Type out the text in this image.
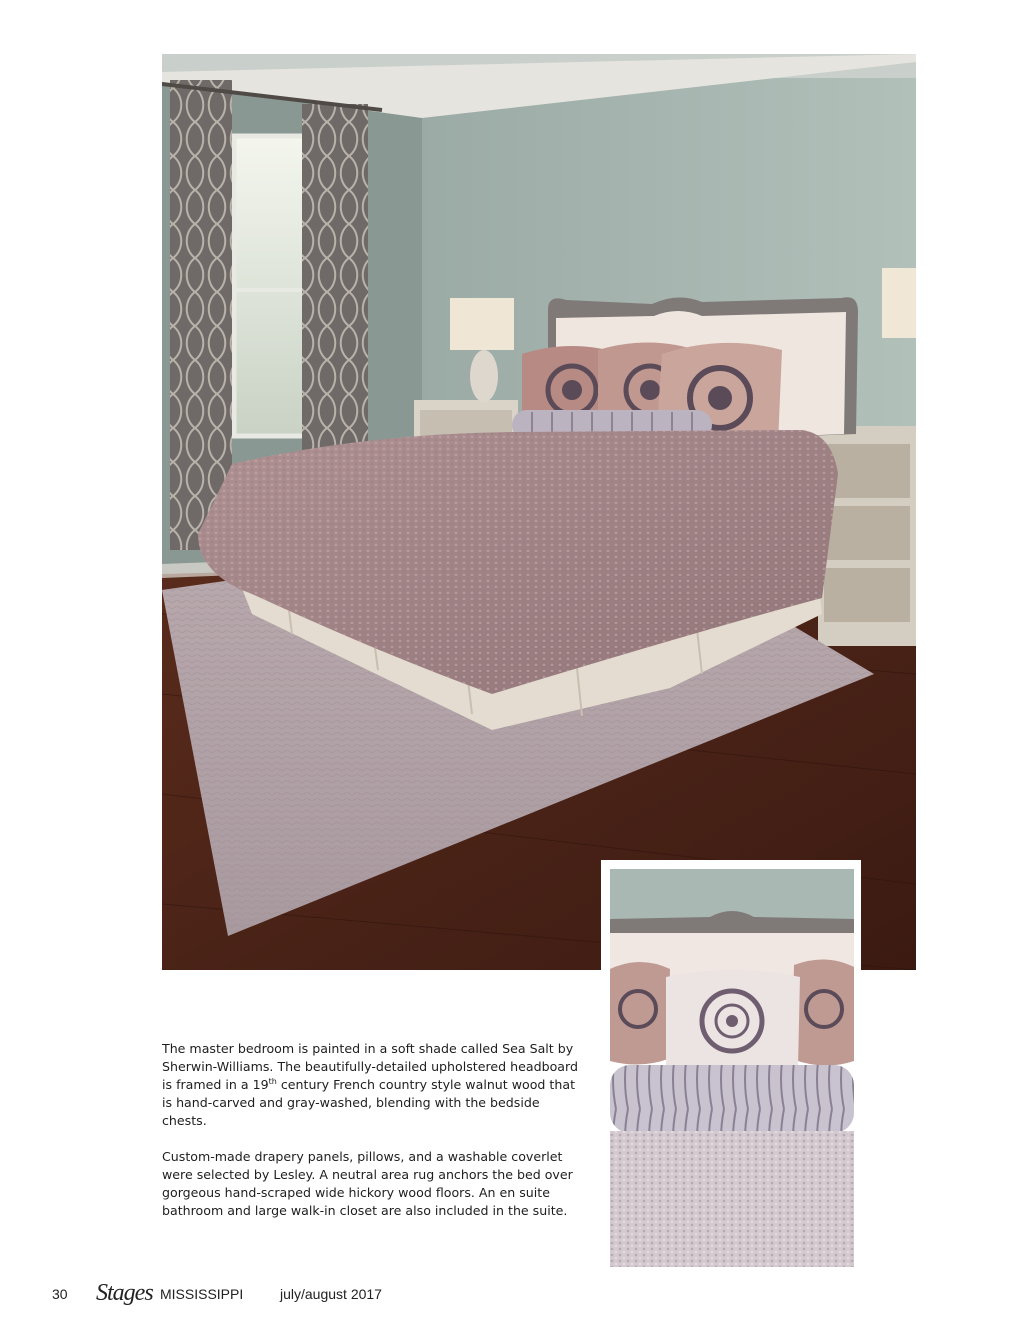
The master bedroom is painted in a soft shade called Sea Salt by Sherwin-Williams. The beautifully-detailed upholstered headboard is framed in a 19th century French country style walnut wood that is hand-carved and gray-washed, blending with the bedside chests.

Custom-made drapery panels, pillows, and a washable coverlet were selected by Lesley. A neutral area rug anchors the bed over gorgeous hand-scraped wide hickory wood floors. An en suite bathroom and large walk-in closet are also included in the suite.

30 Stages MISSISSIPPI	july/august 2017
